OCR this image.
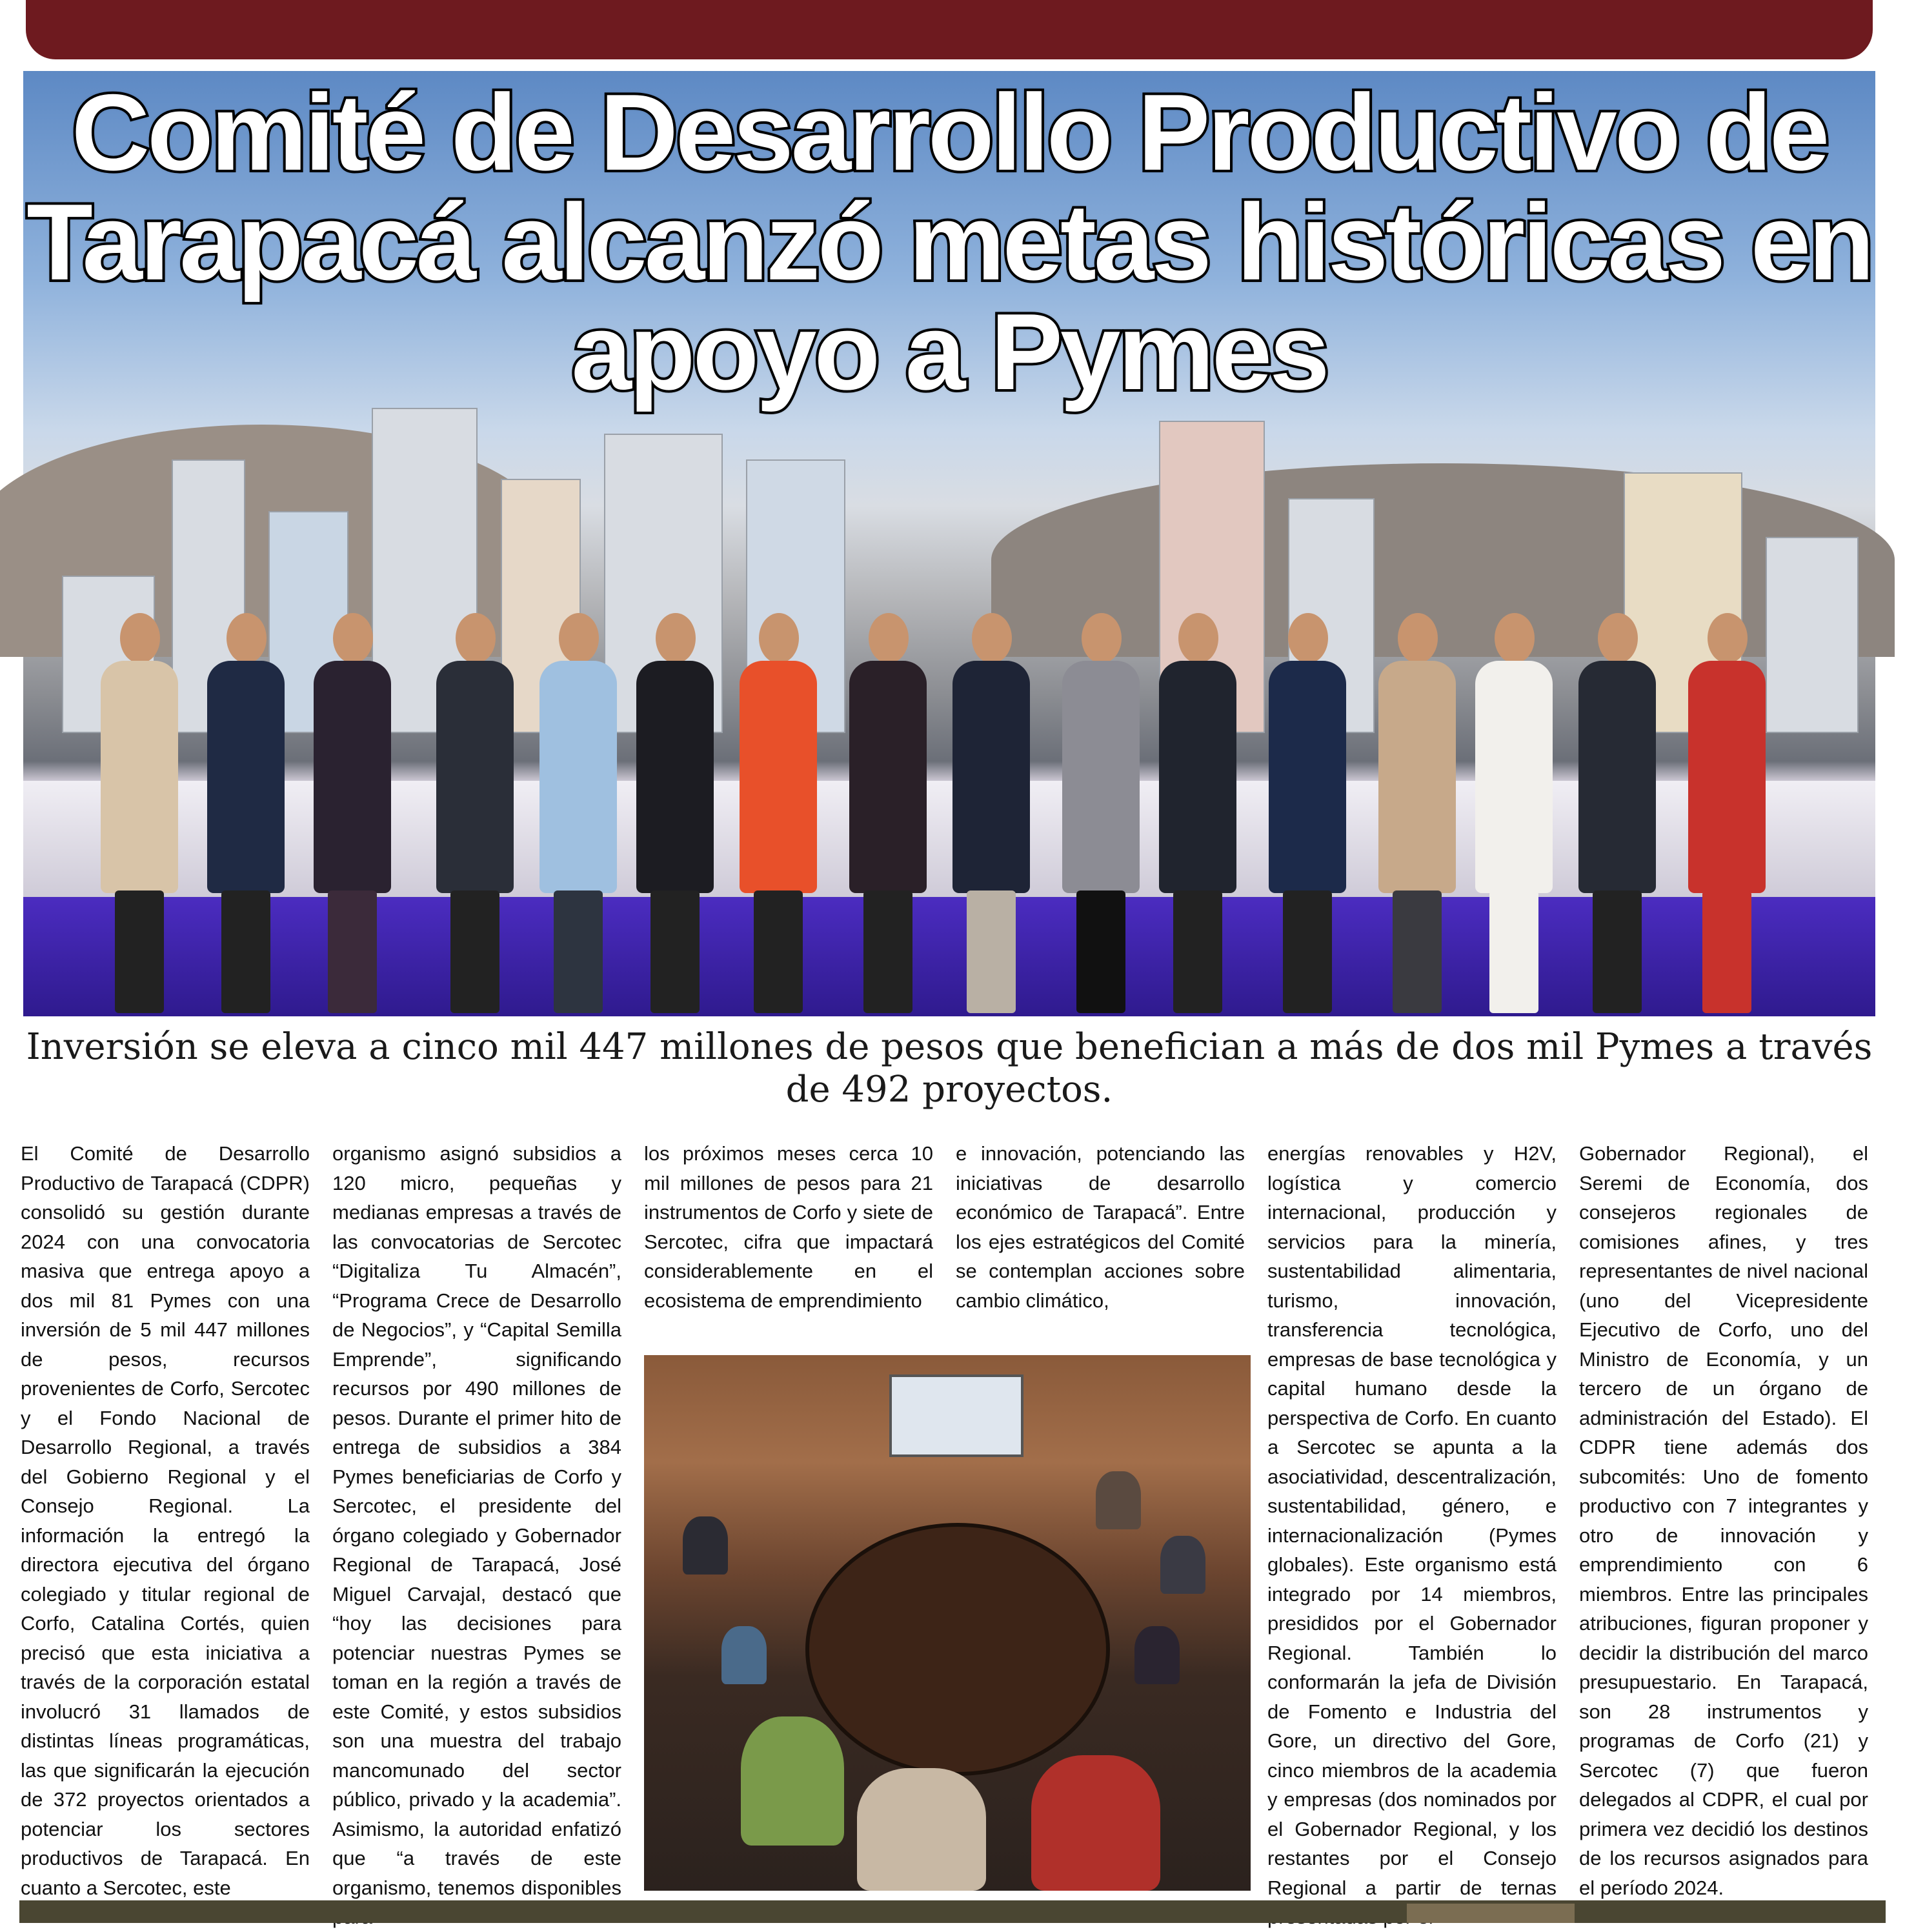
Comité de Desarrollo Productivo de Tarapacá alcanzó metas históricas en apoyo a Pymes

Inversión se eleva a cinco mil 447 millones de pesos que benefician a más de dos mil Pymes a través de 492 proyectos.

El Comité de Desarrollo Productivo de Tarapacá (CDPR) consolidó su gestión durante 2024 con una convocatoria masiva que entrega apoyo a dos mil 81 Pymes con una inversión de 5 mil 447 millones de pesos, recursos provenientes de Corfo, Sercotec y el Fondo Nacional de Desarrollo Regional, a través del Gobierno Regional y el Consejo Regional. La información la entregó la directora ejecutiva del órgano colegiado y titular regional de Corfo, Catalina Cortés, quien precisó que esta iniciativa a través de la corporación estatal involucró 31 llamados de distintas líneas programáticas, las que significarán la ejecución de 372 proyectos orientados a potenciar los sectores productivos de Tarapacá. En cuanto a Sercotec, este

organismo asignó subsidios a 120 micro, pequeñas y medianas empresas a través de las convocatorias de Sercotec “Digitaliza Tu Almacén”, “Programa Crece de Desarrollo de Negocios”, y “Capital Semilla Emprende”, significando recursos por 490 millones de pesos. Durante el primer hito de entrega de subsidios a 384 Pymes beneficiarias de Corfo y Sercotec, el presidente del órgano colegiado y Gobernador Regional de Tarapacá, José Miguel Carvajal, destacó que “hoy las decisiones para potenciar nuestras Pymes se toman en la región a través de este Comité, y estos subsidios son una muestra del trabajo mancomunado del sector público, privado y la academia”. Asimismo, la autoridad enfatizó que “a través de este organismo, tenemos disponibles

los próximos meses cerca 10 mil millones de pesos para 21 instrumentos de Corfo y siete de Sercotec, cifra que impactará considerablemente en el ecosistema de emprendimiento

e innovación, potenciando las iniciativas de desarrollo económico de Tarapacá”. Entre los ejes estratégicos del Comité se contemplan acciones sobre cambio climático,

energías renovables y H2V, logística y comercio internacional, producción y servicios para la minería, sustentabilidad alimentaria, turismo, innovación, transferencia tecnológica, empresas de base tecnológica y capital humano desde la perspectiva de Corfo. En cuanto a Sercotec se apunta a la asociatividad, descentralización, sustentabilidad, género, e internacionalización (Pymes globales). Este organismo está integrado por 14 miembros, presididos por el Gobernador Regional. También lo conformarán la jefa de División de Fomento e Industria del Gore, un directivo del Gore, cinco miembros de la academia y empresas (dos nominados por el Gobernador Regional, y los restantes por el Consejo Regional a partir de ternas

Gobernador Regional), el Seremi de Economía, dos consejeros regionales de comisiones afines, y tres representantes de nivel nacional (uno del Vicepresidente Ejecutivo de Corfo, uno del Ministro de Economía, y un tercero de un órgano de administración del Estado). El CDPR tiene además dos subcomités: Uno de fomento productivo con 7 integrantes y otro de innovación y emprendimiento con 6 miembros. Entre las principales atribuciones, figuran proponer y decidir la distribución del marco presupuestario. En Tarapacá, son 28 instrumentos y programas de Corfo (21) y Sercotec (7) que fueron delegados al CDPR, el cual por primera vez decidió los destinos de los recursos asignados para el período 2024.
